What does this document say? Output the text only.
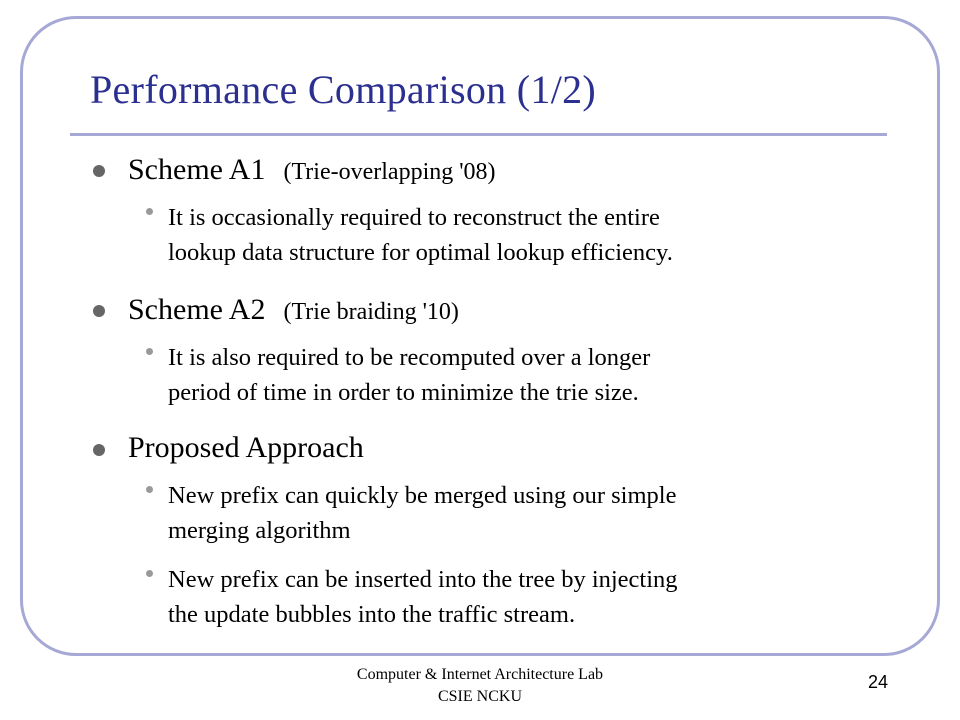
Performance Comparison (1/2)
Scheme A1 (Trie-overlapping '08)
It is occasionally required to reconstruct the entire
lookup data structure for optimal lookup efficiency.
Scheme A2 (Trie braiding '10)
It is also required to be recomputed over a longer
period of time in order to minimize the trie size.
Proposed Approach
New prefix can quickly be merged using our simple
merging algorithm
New prefix can be inserted into the tree by injecting
the update bubbles into the traffic stream.
Computer & Internet Architecture Lab
CSIE NCKU
24
